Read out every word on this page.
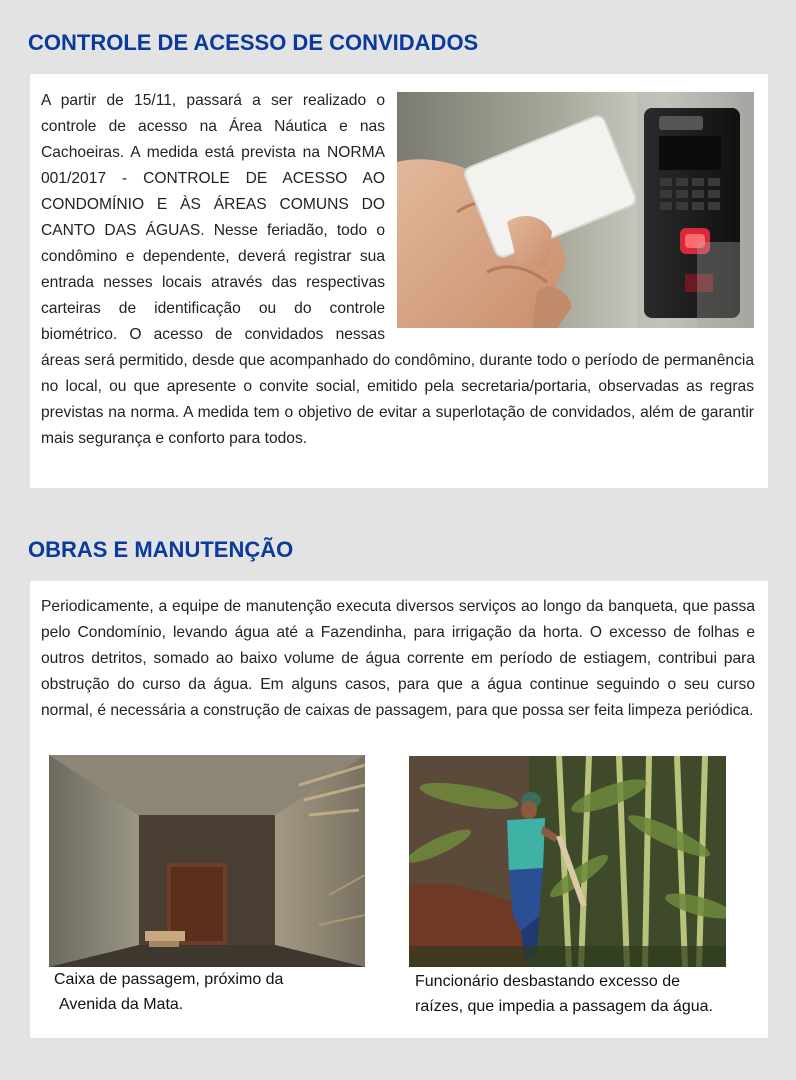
CONTROLE DE ACESSO DE CONVIDADOS

A partir de 15/11, passará a ser realizado o controle de acesso na Área Náutica e nas Cachoeiras. A medida está prevista na NORMA 001/2017 - CONTROLE DE ACESSO AO CONDOMÍNIO E ÀS ÁREAS COMUNS DO CANTO DAS ÁGUAS. Nesse feriadão, todo o condômino e dependente, deverá registrar sua entrada nesses locais através das respectivas carteiras de identificação ou do controle biométrico. O acesso de convidados nessas áreas será permitido, desde que acompanhado do condômino, durante todo o período de permanência no local, ou que apresente o convite social, emitido pela secretaria/portaria, observadas as regras previstas na norma. A medida tem o objetivo de evitar a superlotação de convidados, além de garantir mais segurança e conforto para todos.

OBRAS E MANUTENÇÃO

Periodicamente, a equipe de manutenção executa diversos serviços ao longo da banqueta, que passa pelo Condomínio, levando água até a Fazendinha, para irrigação da horta. O excesso de folhas e outros detritos, somado ao baixo volume de água corrente em período de estiagem, contribui para obstrução do curso da água. Em alguns casos, para que a água continue seguindo o seu curso normal, é necessária a construção de caixas de passagem, para que possa ser feita limpeza periódica.

Caixa de passagem, próximo da

Avenida da Mata.

Funcionário desbastando excesso de

raízes, que impedia a passagem da água.
